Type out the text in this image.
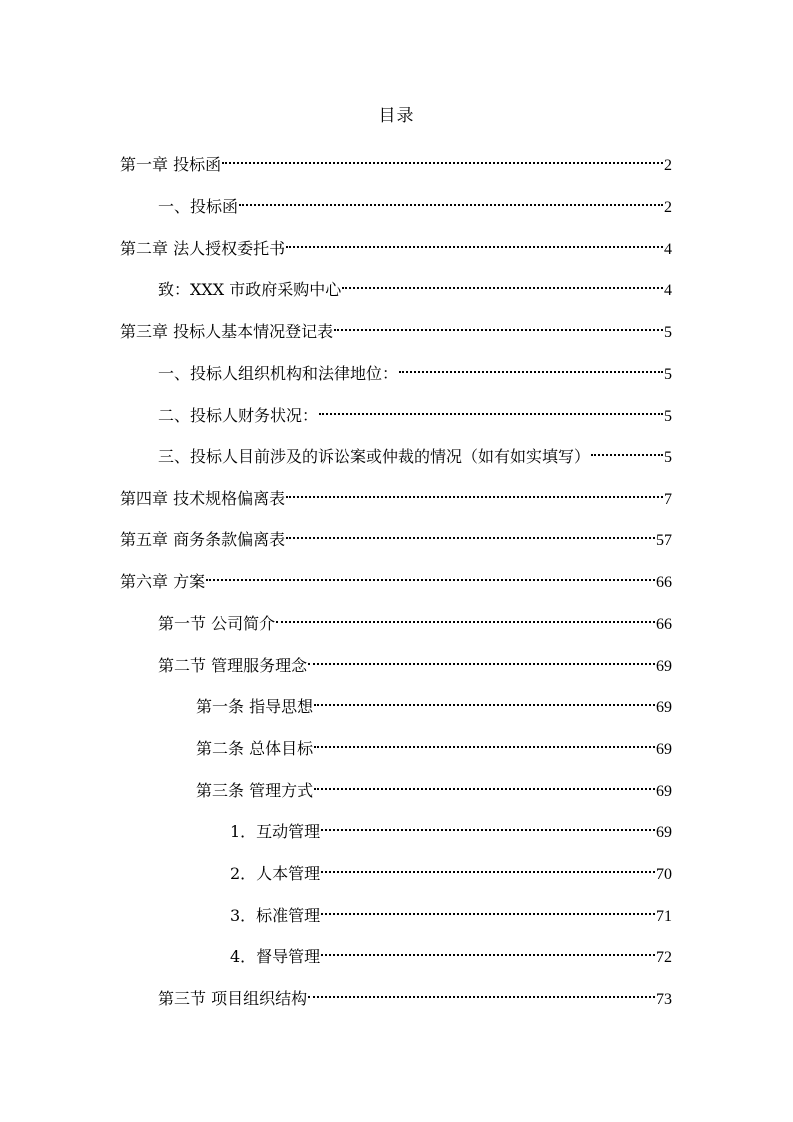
目录
第一章 投标函	2
一、投标函	2
第二章 法人授权委托书	4
致：XXX 市政府采购中心	4
第三章 投标人基本情况登记表	5
一、投标人组织机构和法律地位：	5
二、投标人财务状况：	5
三、投标人目前涉及的诉讼案或仲裁的情况（如有如实填写）	5
第四章 技术规格偏离表	7
第五章 商务条款偏离表	57
第六章 方案	66
第一节 公司简介	66
第二节 管理服务理念	69
第一条 指导思想	69
第二条 总体目标	69
第三条 管理方式	69
1．互动管理	69
2．人本管理	70
3．标准管理	71
4．督导管理	72
第三节 项目组织结构	73
